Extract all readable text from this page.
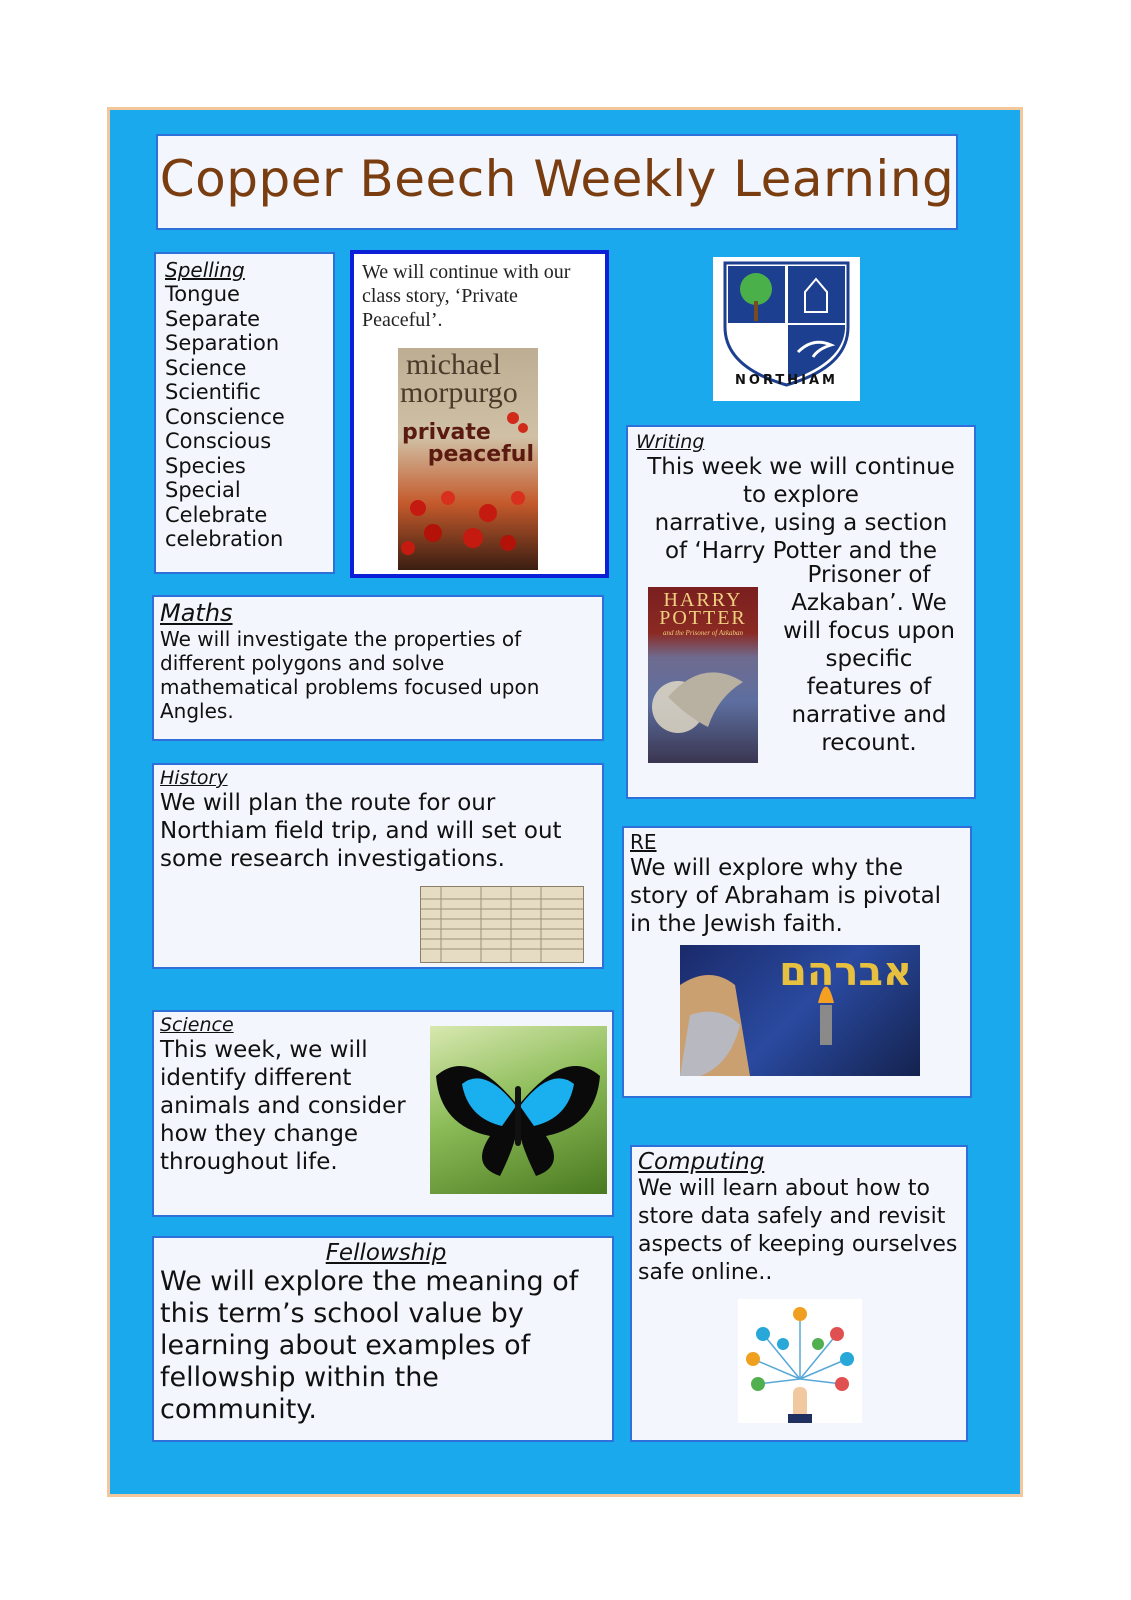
Copper Beech Weekly Learning
Spelling
Tongue
Separate
Separation
Science
Scientific
Conscience
Conscious
Species
Special
Celebrate
celebration
We will continue with our class story, ‘Private Peaceful’.
michael
morpurgo
private
peaceful
NORTHIAM
Writing
This week we will continue
to explore
narrative, using a section
of ‘Harry Potter and the
HARRY
POTTER
and the Prisoner of Azkaban
Prisoner of
Azkaban’. We
will focus upon
specific
features of
narrative and
recount.
Maths
We will investigate the properties of different polygons and solve mathematical problems focused upon Angles.
History
We will plan the route for our Northiam field trip, and will set out some research investigations.
RE
We will explore why the story of Abraham is pivotal in the Jewish faith.
אברהם
Science
This week, we will identify different animals and consider how they change throughout life.	Computing
We will learn about how to store data safely and revisit aspects of keeping ourselves safe online..
Fellowship
We will explore the meaning of this term’s school value by learning about examples of fellowship within the community.
